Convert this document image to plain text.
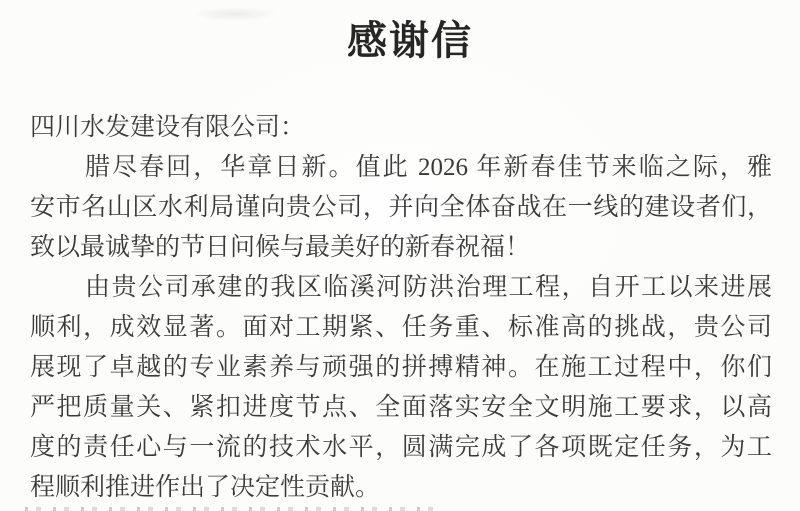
感谢信
四川水发建设有限公司：
腊尽春回，华章日新。值此 2026 年新春佳节来临之际，雅
安市名山区水利局谨向贵公司，并向全体奋战在一线的建设者们，
致以最诚挚的节日问候与最美好的新春祝福！
由贵公司承建的我区临溪河防洪治理工程，自开工以来进展
顺利，成效显著。面对工期紧、任务重、标准高的挑战，贵公司
展现了卓越的专业素养与顽强的拼搏精神。在施工过程中，你们
严把质量关、紧扣进度节点、全面落实安全文明施工要求，以高
度的责任心与一流的技术水平，圆满完成了各项既定任务，为工
程顺利推进作出了决定性贡献。
